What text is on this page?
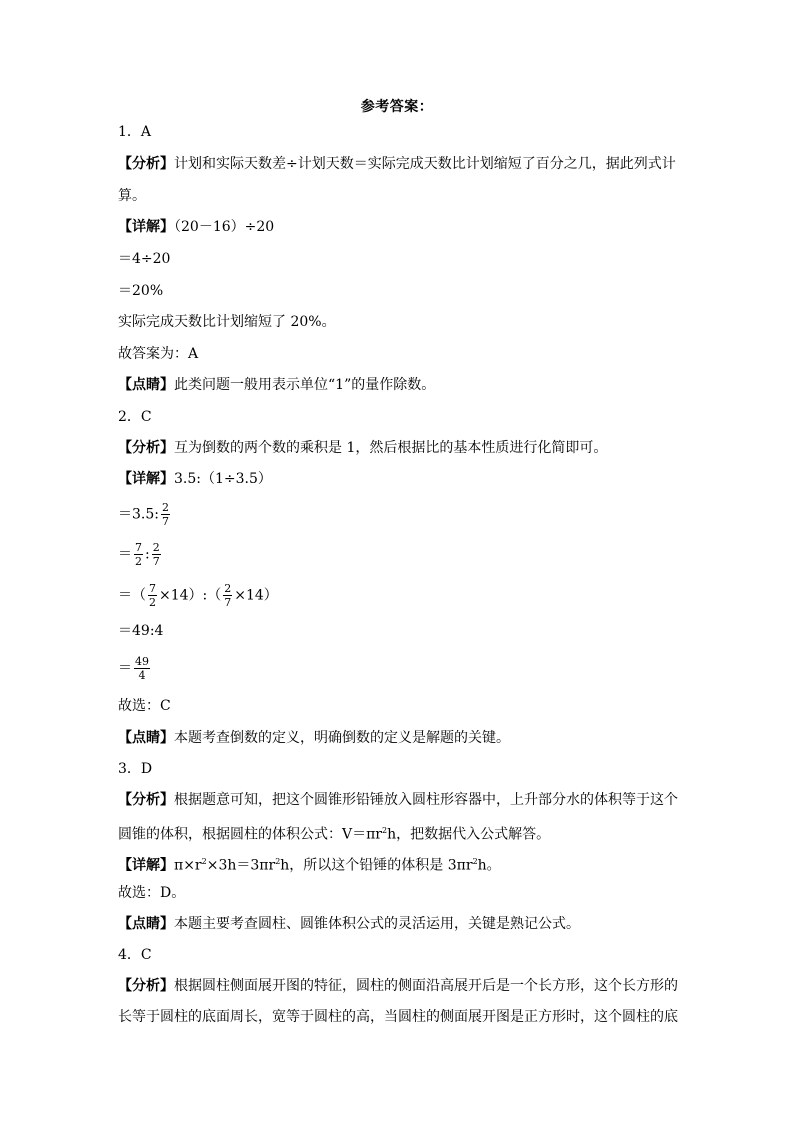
参考答案：
1．A
【分析】计划和实际天数差÷计划天数＝实际完成天数比计划缩短了百分之几，据此列式计
算。
【详解】（20－16）÷20
＝4÷20
＝20%
实际完成天数比计划缩短了 20%。
故答案为：A
【点睛】此类问题一般用表示单位“1”的量作除数。
2．C
【分析】互为倒数的两个数的乘积是 1，然后根据比的基本性质进行化简即可。
【详解】3.5:（1÷3.5）
＝3.5: $\frac{2}{7}$
＝ $\frac{7}{2}$ : $\frac{2}{7}$
＝（ $\frac{7}{2}$ ×14）:（ $\frac{2}{7} \times 14$）
＝49:4
＝ $\frac{49}{4}$
故选：C
【点睛】本题考查倒数的定义，明确倒数的定义是解题的关键。
3．D
【分析】根据题意可知，把这个圆锥形铅锤放入圆柱形容器中，上升部分水的体积等于这个
圆锥的体积，根据圆柱的体积公式：$V=\pi r^2h$，把数据代入公式解答。
【详解】$\pi\times r^2\times 3h=3\pi r^2h$，所以这个铅锤的体积是 $3\pi r^2h$。
故选：D。
【点睛】本题主要考查圆柱、圆锥体积公式的灵活运用，关键是熟记公式。
4．C
【分析】根据圆柱侧面展开图的特征，圆柱的侧面沿高展开后是一个长方形，这个长方形的
长等于圆柱的底面周长，宽等于圆柱的高，当圆柱的侧面展开图是正方形时，这个圆柱的底
